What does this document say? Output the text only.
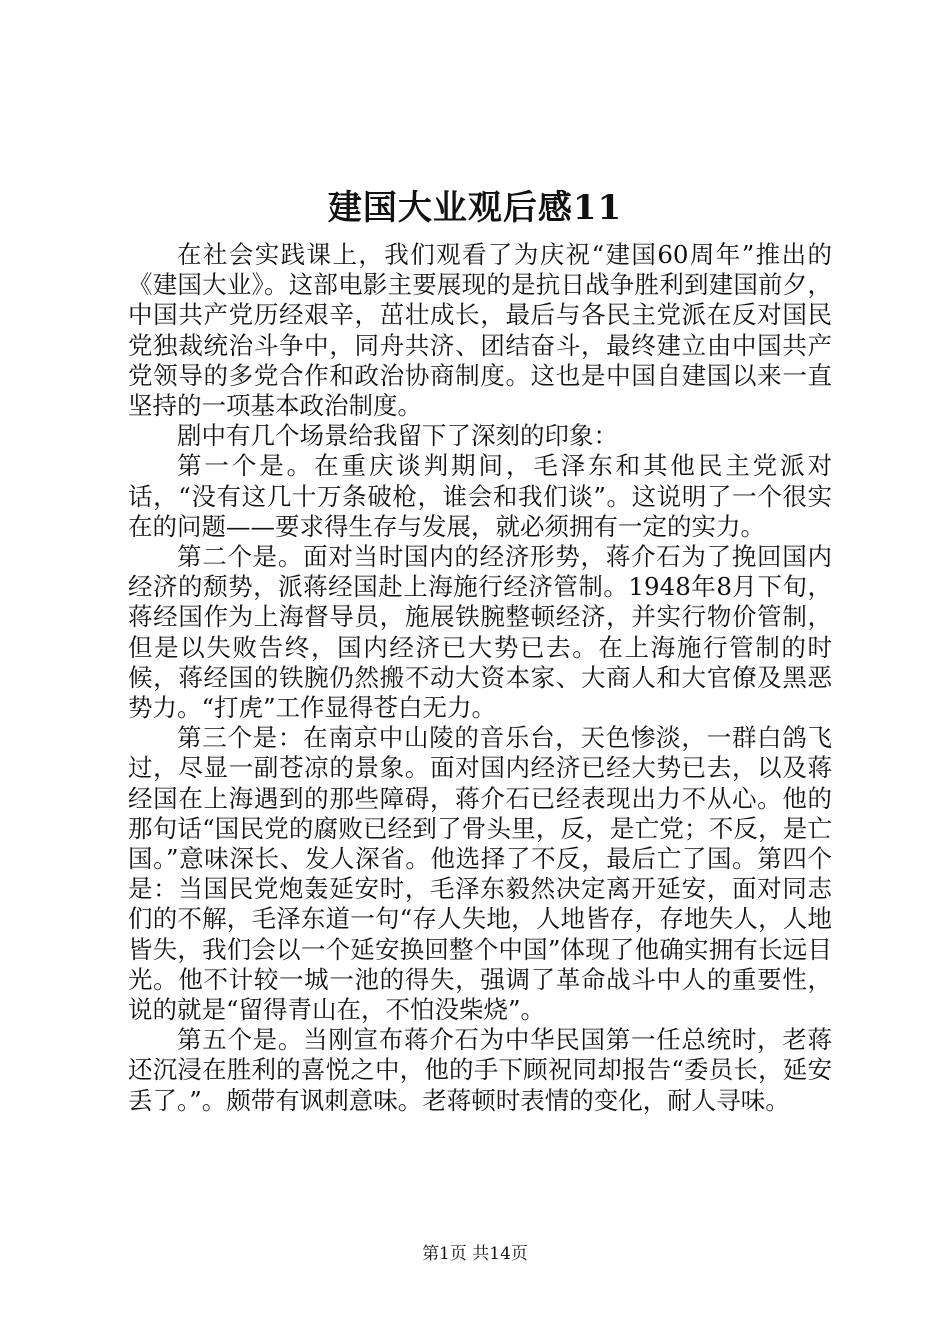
建国大业观后感11

在社会实践课上，我们观看了为庆祝“建国60周年”推出的《建国大业》。这部电影主要展现的是抗日战争胜利到建国前夕，中国共产党历经艰辛，茁壮成长，最后与各民主党派在反对国民党独裁统治斗争中，同舟共济、团结奋斗，最终建立由中国共产党领导的多党合作和政治协商制度。这也是中国自建国以来一直坚持的一项基本政治制度。

剧中有几个场景给我留下了深刻的印象：

第一个是。在重庆谈判期间，毛泽东和其他民主党派对话，“没有这几十万条破枪，谁会和我们谈”。这说明了一个很实在的问题——要求得生存与发展，就必须拥有一定的实力。

第二个是。面对当时国内的经济形势，蒋介石为了挽回国内经济的颓势，派蒋经国赴上海施行经济管制。1948年8月下旬，蒋经国作为上海督导员，施展铁腕整顿经济，并实行物价管制，但是以失败告终，国内经济已大势已去。在上海施行管制的时候，蒋经国的铁腕仍然搬不动大资本家、大商人和大官僚及黑恶势力。“打虎”工作显得苍白无力。

第三个是：在南京中山陵的音乐台，天色惨淡，一群白鸽飞过，尽显一副苍凉的景象。面对国内经济已经大势已去，以及蒋经国在上海遇到的那些障碍，蒋介石已经表现出力不从心。他的那句话“国民党的腐败已经到了骨头里，反，是亡党；不反，是亡国。”意味深长、发人深省。他选择了不反，最后亡了国。第四个是：当国民党炮轰延安时，毛泽东毅然决定离开延安，面对同志们的不解，毛泽东道一句“存人失地，人地皆存，存地失人，人地皆失，我们会以一个延安换回整个中国”体现了他确实拥有长远目光。他不计较一城一池的得失，强调了革命战斗中人的重要性，说的就是“留得青山在，不怕没柴烧”。

第五个是。当刚宣布蒋介石为中华民国第一任总统时，老蒋还沉浸在胜利的喜悦之中，他的手下顾祝同却报告“委员长，延安丢了。”。颇带有讽刺意味。老蒋顿时表情的变化，耐人寻味。

第1页 共14页
